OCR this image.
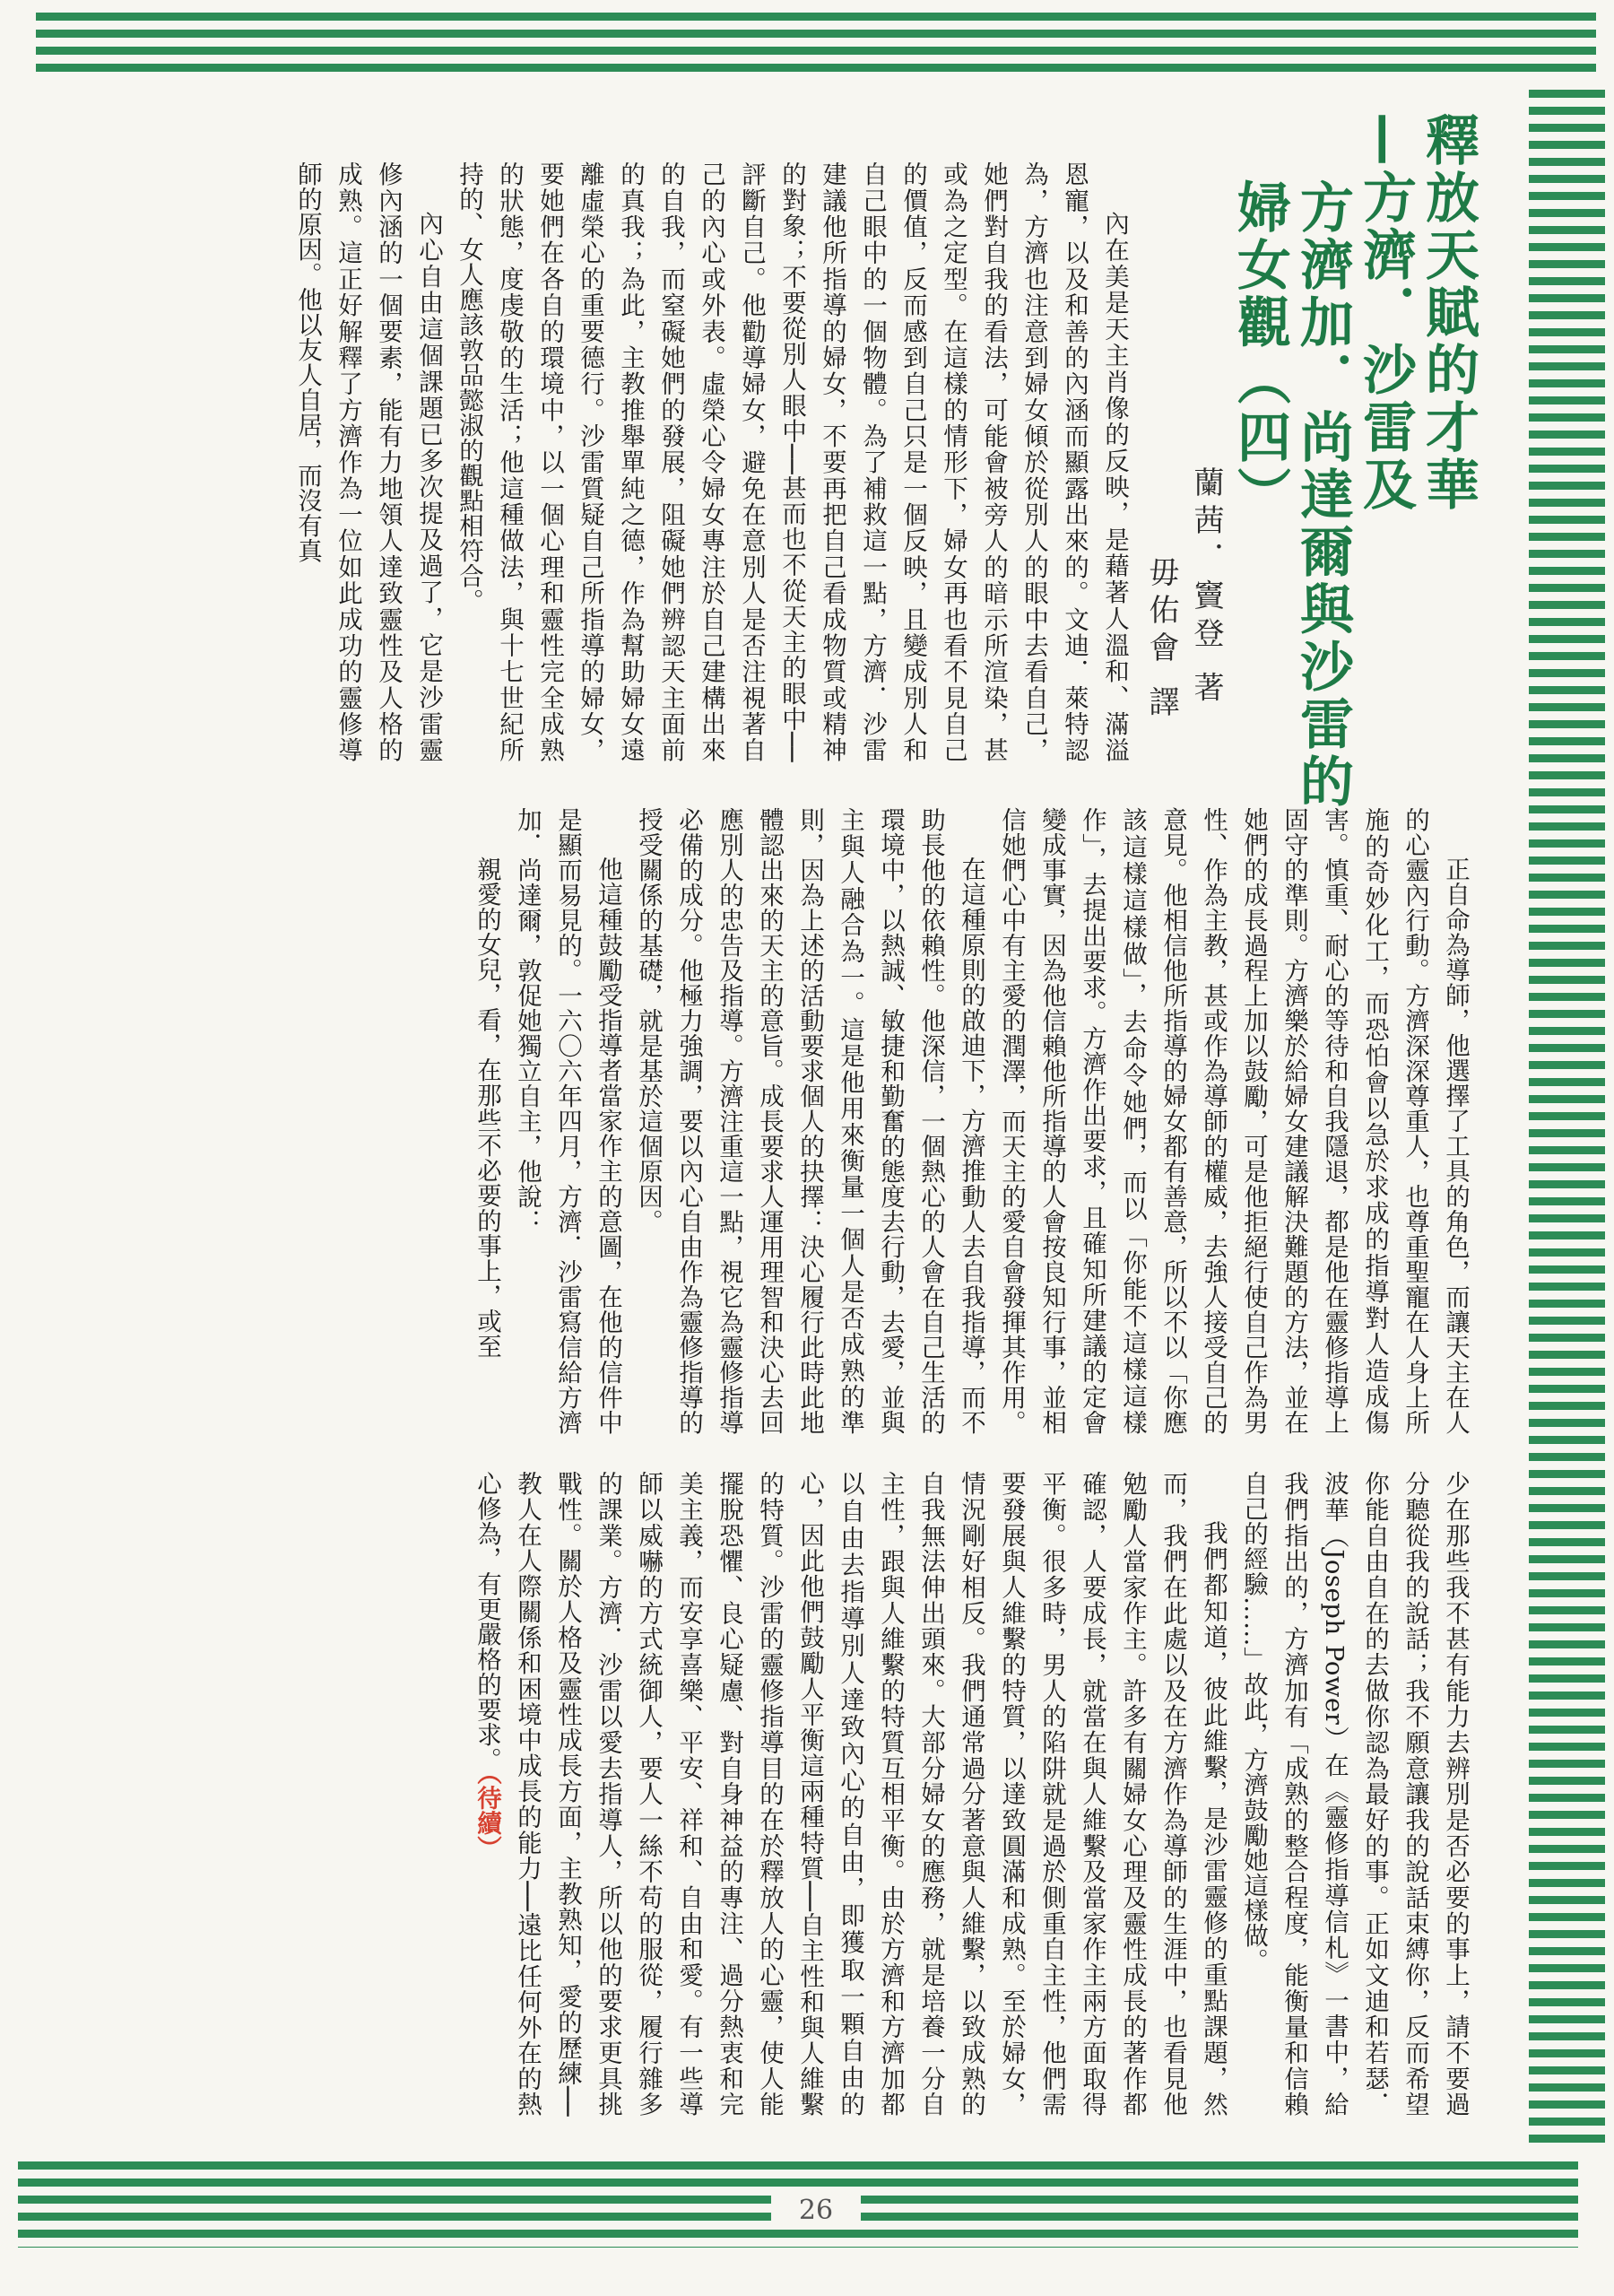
釋放天賦的才華
—方濟．沙雷及
方濟加．尚達爾與沙雷的
婦女觀（四）
蘭茜．竇登 著
毋佑會 譯

內在美是天主肖像的反映，是藉著人溫和、滿溢恩寵，以及和善的內涵而顯露出來的。文迪．萊特認為，方濟也注意到婦女傾於從別人的眼中去看自己，她們對自我的看法，可能會被旁人的暗示所渲染，甚或為之定型。在這樣的情形下，婦女再也看不見自己的價值，反而感到自己只是一個反映，且變成別人和自己眼中的一個物體。為了補救這一點，方濟．沙雷建議他所指導的婦女，不要再把自己看成物質或精神的對象；不要從別人眼中──甚而也不從天主的眼中──評斷自己。他勸導婦女，避免在意別人是否注視著自己的內心或外表。虛榮心令婦女專注於自己建構出來的自我，而窒礙她們的發展，阻礙她們辨認天主面前的真我；為此，主教推舉單純之德，作為幫助婦女遠離虛榮心的重要德行。沙雷質疑自己所指導的婦女，要她們在各自的環境中，以一個心理和靈性完全成熟的狀態，度虔敬的生活；他這種做法，與十七世紀所持的、女人應該敦品懿淑的觀點相符合。

內心自由這個課題已多次提及過了，它是沙雷靈修內涵的一個要素，能有力地領人達致靈性及人格的成熟。這正好解釋了方濟作為一位如此成功的靈修導師的原因。他以友人自居，而沒有真

正自命為導師，他選擇了工具的角色，而讓天主在人的心靈內行動。方濟深深尊重人，也尊重聖寵在人身上所施的奇妙化工，而恐怕會以急於求成的指導對人造成傷害。慎重、耐心的等待和自我隱退，都是他在靈修指導上固守的準則。方濟樂於給婦女建議解決難題的方法，並在她們的成長過程上加以鼓勵，可是他拒絕行使自己作為男性、作為主教，甚或作為導師的權威，去強人接受自己的意見。他相信他所指導的婦女都有善意，所以不以「你應該這樣這樣做」，去命令她們，而以「你能不這樣這樣作」，去提出要求。方濟作出要求，且確知所建議的定會變成事實，因為他信賴他所指導的人會按良知行事，並相信她們心中有主愛的潤澤，而天主的愛自會發揮其作用。

在這種原則的啟迪下，方濟推動人去自我指導，而不助長他的依賴性。他深信，一個熱心的人會在自己生活的環境中，以熱誠、敏捷和勤奮的態度去行動，去愛，並與主與人融合為一。這是他用來衡量一個人是否成熟的準則，因為上述的活動要求個人的抉擇：決心履行此時此地體認出來的天主的意旨。成長要求人運用理智和決心去回應別人的忠告及指導。方濟注重這一點，視它為靈修指導必備的成分。他極力強調，要以內心自由作為靈修指導的授受關係的基礎，就是基於這個原因。

他這種鼓勵受指導者當家作主的意圖，在他的信件中是顯而易見的。一六〇六年四月，方濟．沙雷寫信給方濟加．尚達爾，敦促她獨立自主，他說：

親愛的女兒，看，在那些不必要的事上，或至

少在那些我不甚有能力去辨別是否必要的事上，請不要過分聽從我的說話；我不願意讓我的說話束縛你，反而希望你能自由自在的去做你認為最好的事。正如文迪和若瑟．波華（Joseph Power）在《靈修指導信札》一書中，給我們指出的，方濟加有「成熟的整合程度，能衡量和信賴自己的經驗……」故此，方濟鼓勵她這樣做。

我們都知道，彼此維繫，是沙雷靈修的重點課題，然而，我們在此處以及在方濟作為導師的生涯中，也看見他勉勵人當家作主。許多有關婦女心理及靈性成長的著作都確認，人要成長，就當在與人維繫及當家作主兩方面取得平衡。很多時，男人的陷阱就是過於側重自主性，他們需要發展與人維繫的特質，以達致圓滿和成熟。至於婦女，情況剛好相反。我們通常過分著意與人維繫，以致成熟的自我無法伸出頭來。大部分婦女的應務，就是培養一分自主性，跟與人維繫的特質互相平衡。由於方濟和方濟加都以自由去指導別人達致內心的自由，即獲取一顆自由的心，因此他們鼓勵人平衡這兩種特質──自主性和與人維繫的特質。沙雷的靈修指導目的在於釋放人的心靈，使人能擺脫恐懼、良心疑慮、對自身神益的專注、過分熱衷和完美主義，而安享喜樂、平安、祥和、自由和愛。有一些導師以威嚇的方式統御人，要人一絲不苟的服從，履行雜多的課業。方濟．沙雷以愛去指導人，所以他的要求更具挑戰性。關於人格及靈性成長方面，主教熟知，愛的歷練──教人在人際關係和困境中成長的能力──遠比任何外在的熱心修為，有更嚴格的要求。（待續）

26
